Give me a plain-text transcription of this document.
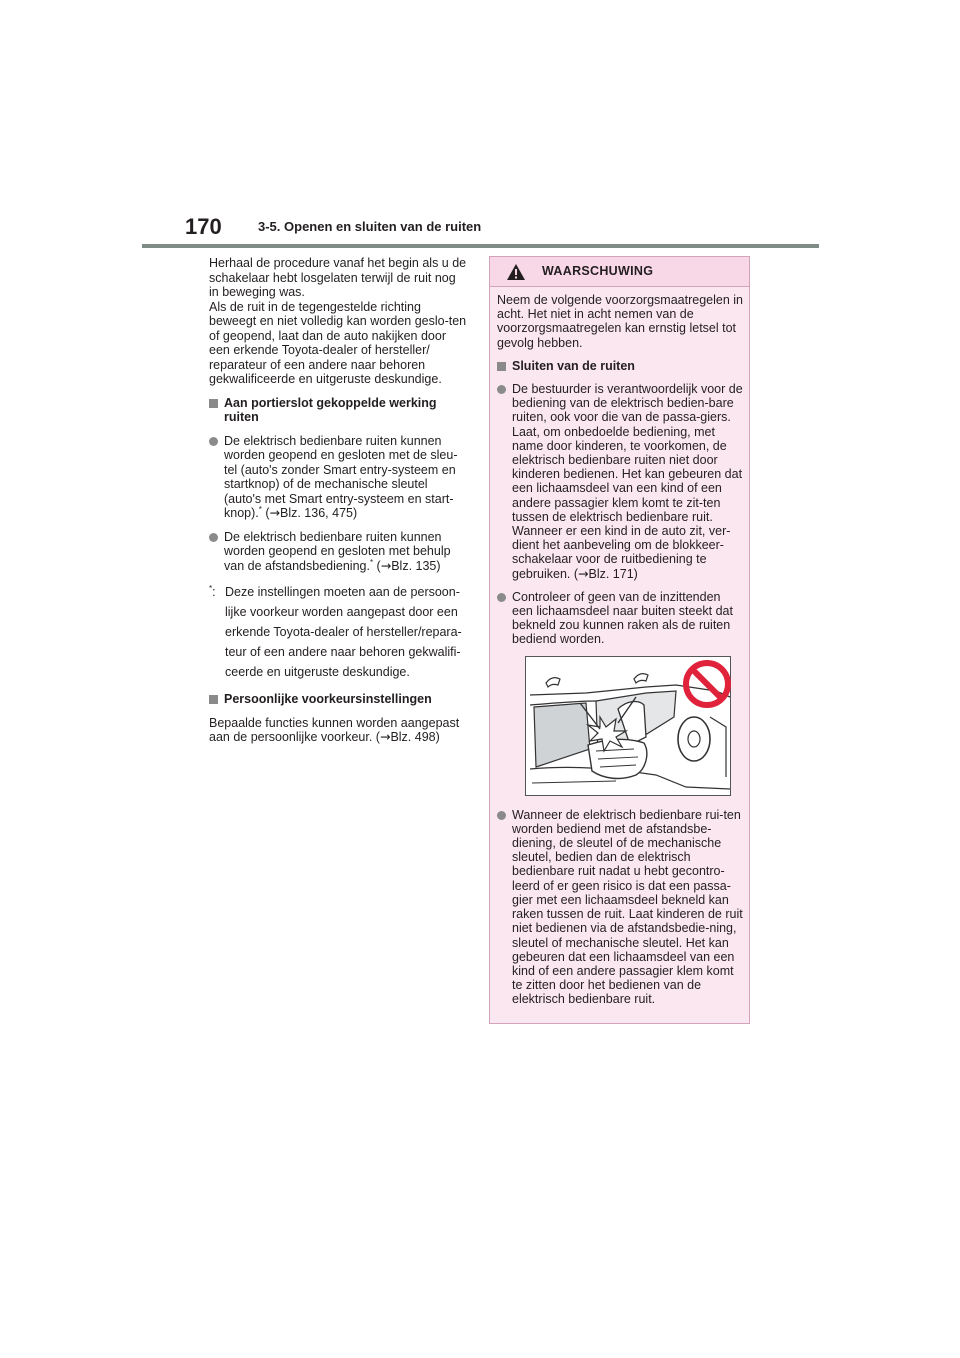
170	3-5. Openen en sluiten van de ruiten

Herhaal de procedure vanaf het begin als u de schakelaar hebt losgelaten terwijl de ruit nog in beweging was.
Als de ruit in de tegengestelde richting beweegt en niet volledig kan worden geslo-ten of geopend, laat dan de auto nakijken door een erkende Toyota-dealer of hersteller/ reparateur of een andere naar behoren gekwalificeerde en uitgeruste deskundige.

Aan portierslot gekoppelde werking ruiten
De elektrisch bedienbare ruiten kunnen worden geopend en gesloten met de sleu-tel (auto's zonder Smart entry-systeem en startknop) of de mechanische sleutel (auto's met Smart entry-systeem en start-knop).* (→Blz. 136, 475)
De elektrisch bedienbare ruiten kunnen worden geopend en gesloten met behulp van de afstandsbediening.* (→Blz. 135)
*: Deze instellingen moeten aan de persoon-lijke voorkeur worden aangepast door een erkende Toyota-dealer of hersteller/repara-teur of een andere naar behoren gekwalifi-ceerde en uitgeruste deskundige.
Persoonlijke voorkeursinstellingen

Bepaalde functies kunnen worden aangepast aan de persoonlijke voorkeur. (→Blz. 498)

WAARSCHUWING

Neem de volgende voorzorgsmaatregelen in acht. Het niet in acht nemen van de voorzorgsmaatregelen kan ernstig letsel tot gevolg hebben.

Sluiten van de ruiten
De bestuurder is verantwoordelijk voor de bediening van de elektrisch bedien-bare ruiten, ook voor die van de passa-giers. Laat, om onbedoelde bediening, met name door kinderen, te voorkomen, de elektrisch bedienbare ruiten niet door kinderen bedienen. Het kan gebeuren dat een lichaamsdeel van een kind of een andere passagier klem komt te zit-ten tussen de elektrisch bedienbare ruit. Wanneer er een kind in de auto zit, ver-dient het aanbeveling om de blokkeer-schakelaar voor de ruitbediening te gebruiken. (→Blz. 171)
Controleer of geen van de inzittenden een lichaamsdeel naar buiten steekt dat bekneld zou kunnen raken als de ruiten bediend worden.
Wanneer de elektrisch bedienbare rui-ten worden bediend met de afstandsbe-diening, de sleutel of de mechanische sleutel, bedien dan de elektrisch bedienbare ruit nadat u hebt gecontro-leerd of er geen risico is dat een passa-gier met een lichaamsdeel bekneld kan raken tussen de ruit. Laat kinderen de ruit niet bedienen via de afstandsbedie-ning, sleutel of mechanische sleutel. Het kan gebeuren dat een lichaamsdeel van een kind of een andere passagier klem komt te zitten door het bedienen van de elektrisch bedienbare ruit.
